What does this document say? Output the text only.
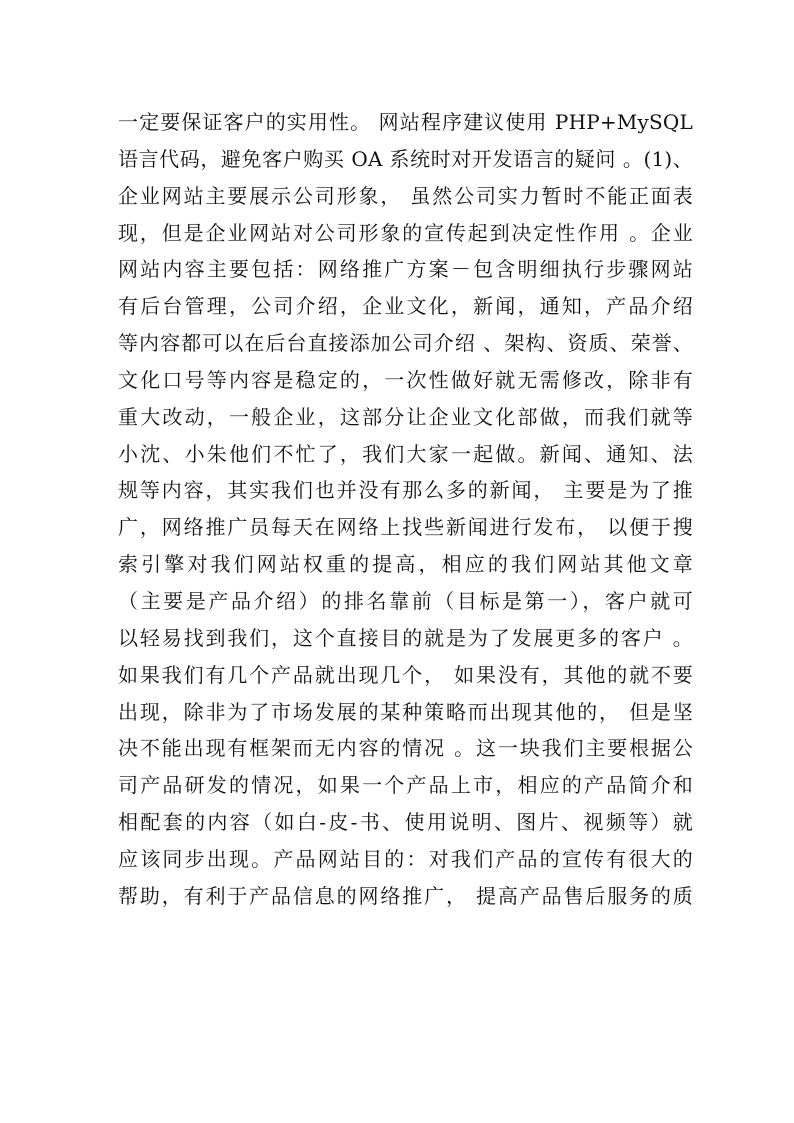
一定要保证客户的实用性。 网站程序建议使用 PHP+MySQL
语言代码，避免客户购买 OA 系统时对开发语言的疑问 。(1)、
企业网站主要展示公司形象， 虽然公司实力暂时不能正面表
现，但是企业网站对公司形象的宣传起到决定性作用 。企业
网站内容主要包括：网络推广方案－包含明细执行步骤网站
有后台管理，公司介绍，企业文化，新闻，通知，产品介绍
等内容都可以在后台直接添加公司介绍 、架构、资质、荣誉、
文化口号等内容是稳定的，一次性做好就无需修改，除非有
重大改动，一般企业，这部分让企业文化部做，而我们就等
小沈、小朱他们不忙了，我们大家一起做。新闻、通知、法
规等内容，其实我们也并没有那么多的新闻， 主要是为了推
广，网络推广员每天在网络上找些新闻进行发布， 以便于搜
索引擎对我们网站权重的提高，相应的我们网站其他文章
（主要是产品介绍）的排名靠前（目标是第一），客户就可
以轻易找到我们，这个直接目的就是为了发展更多的客户 。
如果我们有几个产品就出现几个， 如果没有，其他的就不要
出现，除非为了市场发展的某种策略而出现其他的， 但是坚
决不能出现有框架而无内容的情况 。这一块我们主要根据公
司产品研发的情况，如果一个产品上市，相应的产品简介和
相配套的内容（如白-皮-书、使用说明、图片、视频等）就
应该同步出现。产品网站目的：对我们产品的宣传有很大的
帮助，有利于产品信息的网络推广， 提高产品售后服务的质
